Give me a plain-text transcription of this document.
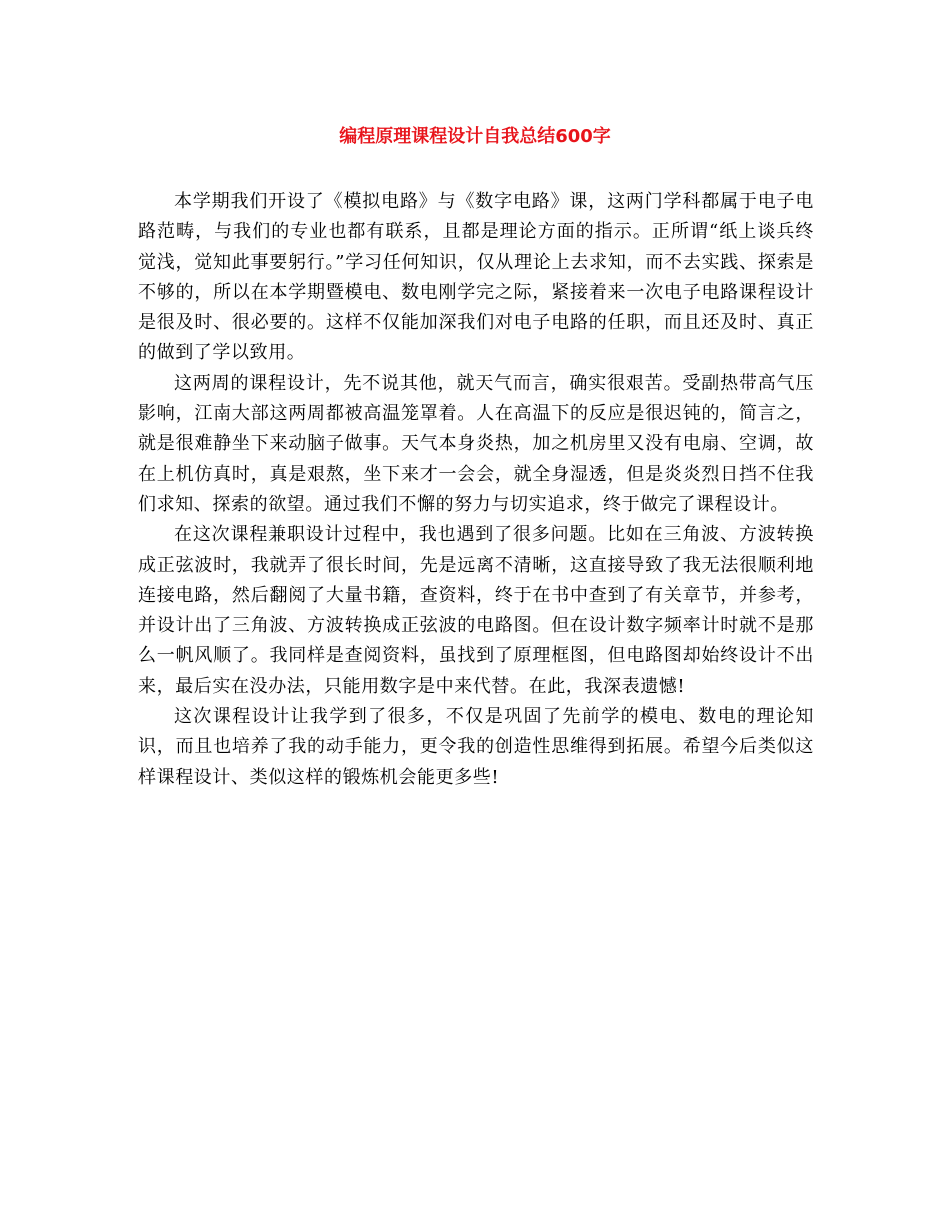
编程原理课程设计自我总结600字

本学期我们开设了《模拟电路》与《数字电路》课，这两门学科都属于电子电路范畴，与我们的专业也都有联系，且都是理论方面的指示。正所谓“纸上谈兵终觉浅，觉知此事要躬行。”学习任何知识，仅从理论上去求知，而不去实践、探索是不够的，所以在本学期暨模电、数电刚学完之际，紧接着来一次电子电路课程设计是很及时、很必要的。这样不仅能加深我们对电子电路的任职，而且还及时、真正的做到了学以致用。

这两周的课程设计，先不说其他，就天气而言，确实很艰苦。受副热带高气压影响，江南大部这两周都被高温笼罩着。人在高温下的反应是很迟钝的，简言之，就是很难静坐下来动脑子做事。天气本身炎热，加之机房里又没有电扇、空调，故在上机仿真时，真是艰熬，坐下来才一会会，就全身湿透，但是炎炎烈日挡不住我们求知、探索的欲望。通过我们不懈的努力与切实追求，终于做完了课程设计。

在这次课程兼职设计过程中，我也遇到了很多问题。比如在三角波、方波转换成正弦波时，我就弄了很长时间，先是远离不清晰，这直接导致了我无法很顺利地连接电路，然后翻阅了大量书籍，查资料，终于在书中查到了有关章节，并参考，并设计出了三角波、方波转换成正弦波的电路图。但在设计数字频率计时就不是那么一帆风顺了。我同样是查阅资料，虽找到了原理框图，但电路图却始终设计不出来，最后实在没办法，只能用数字是中来代替。在此，我深表遗憾!

这次课程设计让我学到了很多，不仅是巩固了先前学的模电、数电的理论知识，而且也培养了我的动手能力，更令我的创造性思维得到拓展。希望今后类似这样课程设计、类似这样的锻炼机会能更多些!
